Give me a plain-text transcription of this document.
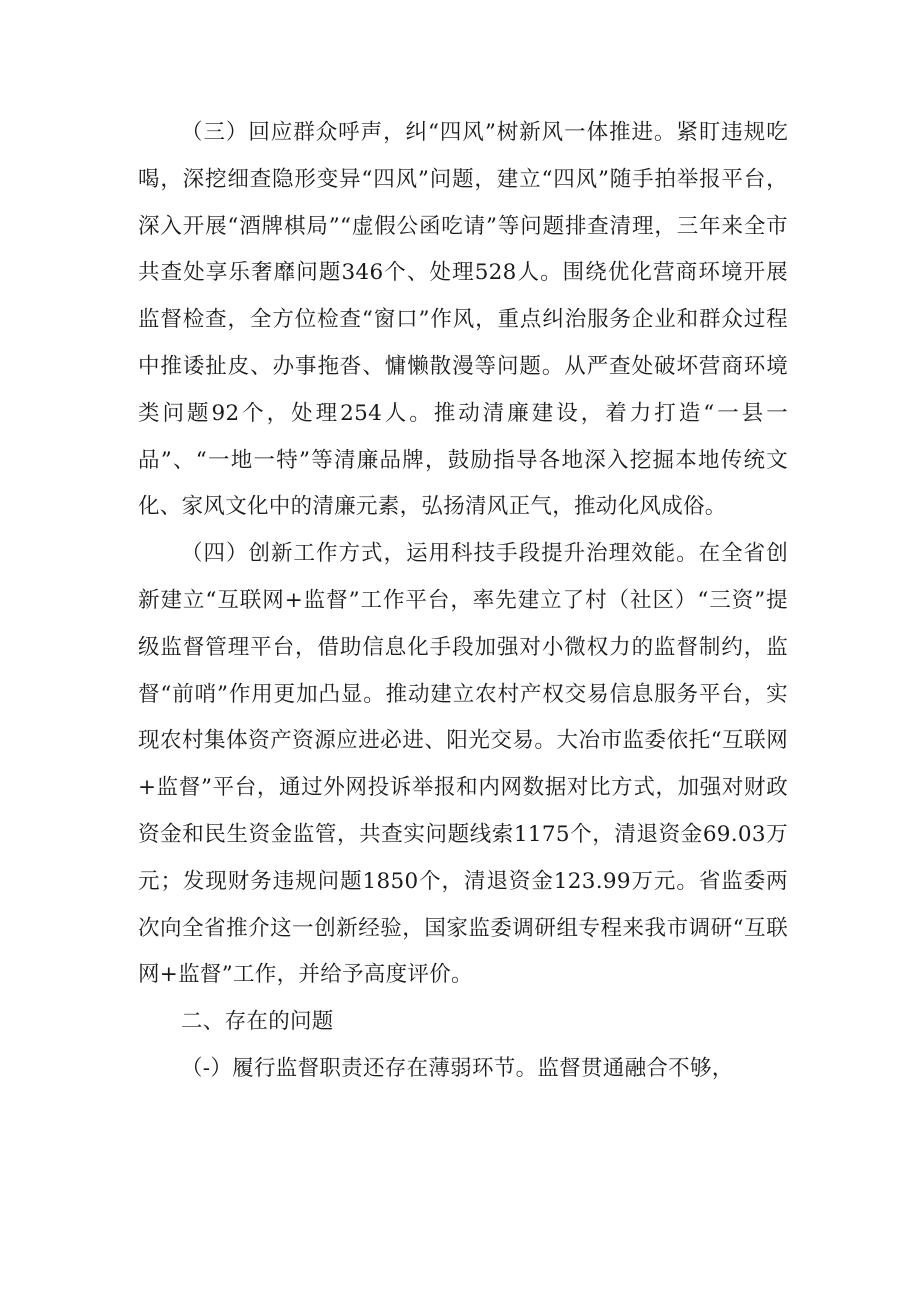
（三）回应群众呼声，纠“四风”树新风一体推进。紧盯违规吃喝，深挖细查隐形变异“四风”问题，建立“四风”随手拍举报平台，深入开展“酒牌棋局”“虚假公函吃请”等问题排查清理，三年来全市共查处享乐奢靡问题346个、处理528人。围绕优化营商环境开展监督检查，全方位检查“窗口”作风，重点纠治服务企业和群众过程中推诿扯皮、办事拖沓、慵懒散漫等问题。从严查处破坏营商环境类问题92个，处理254人。推动清廉建设，着力打造“一县一品”、“一地一特”等清廉品牌，鼓励指导各地深入挖掘本地传统文化、家风文化中的清廉元素，弘扬清风正气，推动化风成俗。

（四）创新工作方式，运用科技手段提升治理效能。在全省创新建立“互联网+监督”工作平台，率先建立了村（社区）“三资”提级监督管理平台，借助信息化手段加强对小微权力的监督制约，监督“前哨”作用更加凸显。推动建立农村产权交易信息服务平台，实现农村集体资产资源应进必进、阳光交易。大冶市监委依托“互联网+监督”平台，通过外网投诉举报和内网数据对比方式，加强对财政资金和民生资金监管，共查实问题线索1175个，清退资金69.03万元；发现财务违规问题1850个，清退资金123.99万元。省监委两次向全省推介这一创新经验，国家监委调研组专程来我市调研“互联网+监督”工作，并给予高度评价。

二、存在的问题

（-）履行监督职责还存在薄弱环节。监督贯通融合不够，
